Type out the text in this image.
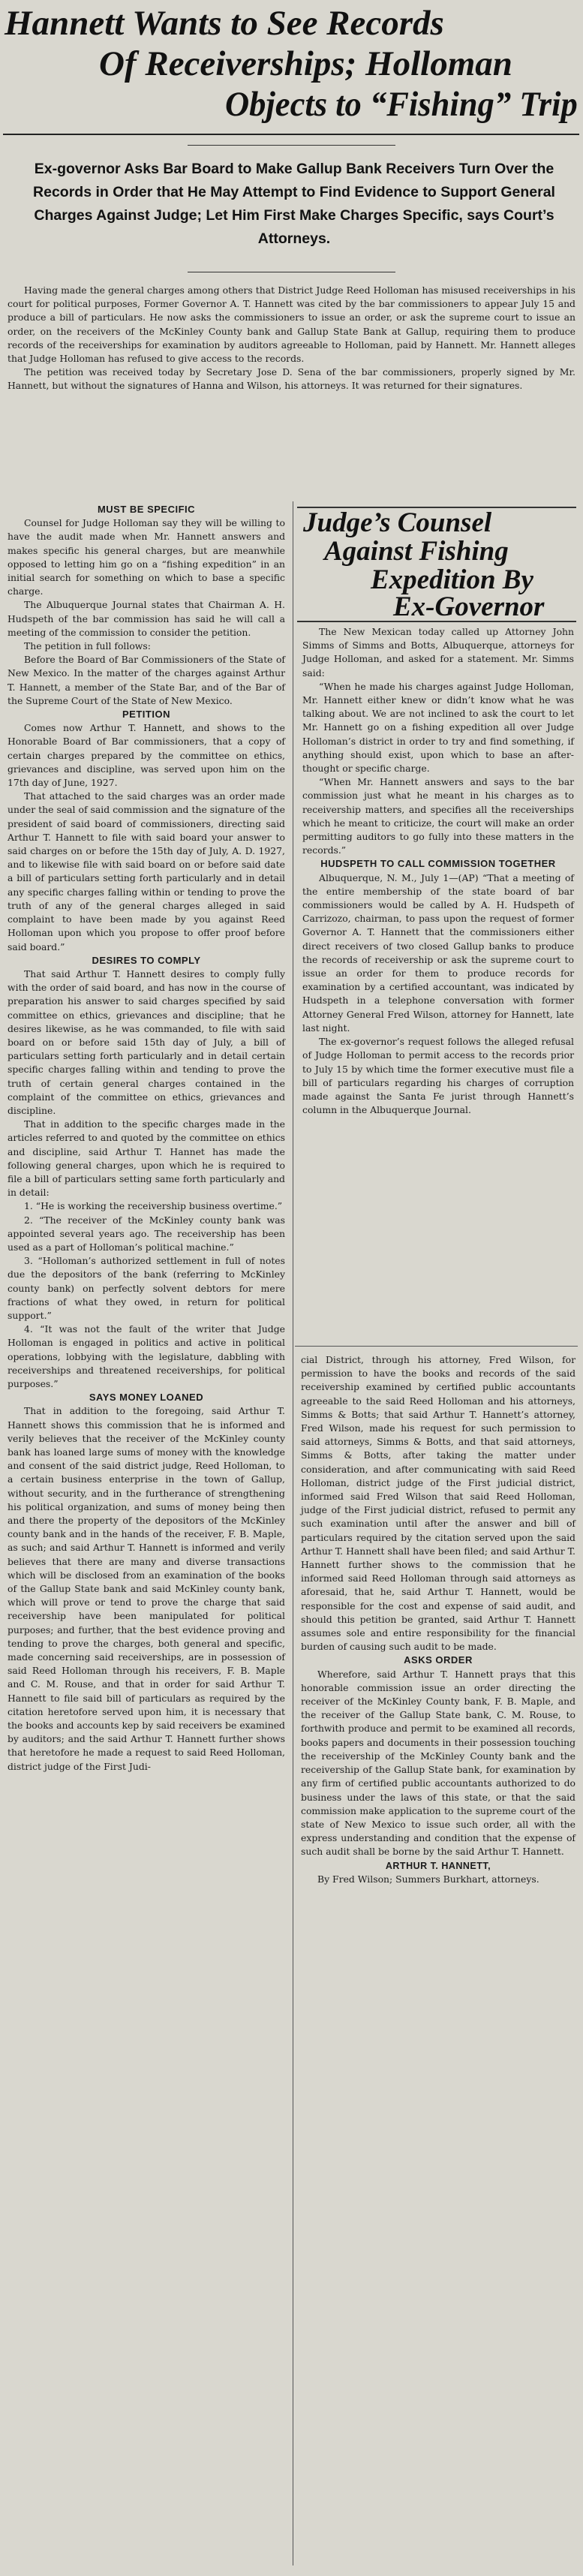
Hannett Wants to See Records
Of Receiverships; Holloman
Objects to “Fishing” Trip
Ex-governor Asks Bar Board to Make Gallup Bank Receivers Turn Over the Records in Order that He May Attempt to Find Evidence to Support General Charges Against Judge; Let Him First Make Charges Specific, says Court’s Attorneys.

Having made the general charges among others that District Judge Reed Holloman has misused receiverships in his court for political purposes, Former Governor A. T. Hannett was cited by the bar commissioners to appear July 15 and produce a bill of particulars. He now asks the commissioners to issue an order, or ask the supreme court to issue an order, on the receivers of the McKinley County bank and Gallup State Bank at Gallup, requiring them to produce records of the receiverships for examination by auditors agreeable to Holloman, paid by Hannett. Mr. Hannett alleges that Judge Holloman has refused to give access to the records.

The petition was received today by Secretary Jose D. Sena of the bar commissioners, properly signed by Mr. Hannett, but without the signatures of Hanna and Wilson, his attorneys. It was returned for their signatures.

MUST BE SPECIFIC

Counsel for Judge Holloman say they will be willing to have the audit made when Mr. Hannett answers and makes specific his general charges, but are meanwhile opposed to letting him go on a “fishing expedition” in an initial search for something on which to base a specific charge.

The Albuquerque Journal states that Chairman A. H. Hudspeth of the bar commission has said he will call a meeting of the commission to consider the petition.

The petition in full follows:

Before the Board of Bar Commissioners of the State of New Mexico. In the matter of the charges against Arthur T. Hannett, a member of the State Bar, and of the Bar of the Supreme Court of the State of New Mexico.

PETITION

Comes now Arthur T. Hannett, and shows to the Honorable Board of Bar commissioners, that a copy of certain charges prepared by the committee on ethics, grievances and discipline, was served upon him on the 17th day of June, 1927.

That attached to the said charges was an order made under the seal of said commission and the signature of the president of said board of commissioners, directing said Arthur T. Hannett to file with said board your answer to said charges on or before the 15th day of July, A. D. 1927, and to likewise file with said board on or before said date a bill of particulars setting forth particularly and in detail any specific charges falling within or tending to prove the truth of any of the general charges alleged in said complaint to have been made by you against Reed Holloman upon which you propose to offer proof before said board.”

DESIRES TO COMPLY

That said Arthur T. Hannett desires to comply fully with the order of said board, and has now in the course of preparation his answer to said charges specified by said committee on ethics, grievances and discipline; that he desires likewise, as he was commanded, to file with said board on or before said 15th day of July, a bill of particulars setting forth particularly and in detail certain specific charges falling within and tending to prove the truth of certain general charges contained in the complaint of the committee on ethics, grievances and discipline.

That in addition to the specific charges made in the articles referred to and quoted by the committee on ethics and discipline, said Arthur T. Hannet has made the following general charges, upon which he is required to file a bill of particulars setting same forth particularly and in detail:

1. “He is working the receivership business overtime.”

2. “The receiver of the McKinley county bank was appointed several years ago. The receivership has been used as a part of Holloman’s political machine.”

3. “Holloman’s authorized settlement in full of notes due the depositors of the bank (referring to McKinley county bank) on perfectly solvent debtors for mere fractions of what they owed, in return for political support.”

4. “It was not the fault of the writer that Judge Holloman is engaged in politics and active in political operations, lobbying with the legislature, dabbling with receiverships and threatened receiverships, for political purposes.”

SAYS MONEY LOANED

That in addition to the foregoing, said Arthur T. Hannett shows this commission that he is informed and verily believes that the receiver of the McKinley county bank has loaned large sums of money with the knowledge and consent of the said district judge, Reed Holloman, to a certain business enterprise in the town of Gallup, without security, and in the furtherance of strengthening his political organization, and sums of money being then and there the property of the depositors of the McKinley county bank and in the hands of the receiver, F. B. Maple, as such; and said Arthur T. Hannett is informed and verily believes that there are many and diverse transactions which will be disclosed from an examination of the books of the Gallup State bank and said McKinley county bank, which will prove or tend to prove the charge that said receivership have been manipulated for political purposes; and further, that the best evidence proving and tending to prove the charges, both general and specific, made concerning said receiverships, are in possession of said Reed Holloman through his receivers, F. B. Maple and C. M. Rouse, and that in order for said Arthur T. Hannett to file said bill of particulars as required by the citation heretofore served upon him, it is necessary that the books and accounts kep by said receivers be examined by auditors; and the said Arthur T. Hannett further shows that heretofore he made a request to said Reed Holloman, district judge of the First Judi-

Judge’s Counsel
Against Fishing
Expedition By
Ex-Governor

The New Mexican today called up Attorney John Simms of Simms and Botts, Albuquerque, attorneys for Judge Holloman, and asked for a statement. Mr. Simms said:

“When he made his charges against Judge Holloman, Mr. Hannett either knew or didn’t know what he was talking about. We are not inclined to ask the court to let Mr. Hannett go on a fishing expedition all over Judge Holloman’s district in order to try and find something, if anything should exist, upon which to base an after-thought or specific charge.

“When Mr. Hannett answers and says to the bar commission just what he meant in his charges as to receivership matters, and specifies all the receiverships which he meant to criticize, the court will make an order permitting auditors to go fully into these matters in the records.”

HUDSPETH TO CALL COMMISSION TOGETHER

Albuquerque, N. M., July 1—(AP) “That a meeting of the entire membership of the state board of bar commissioners would be called by A. H. Hudspeth of Carrizozo, chairman, to pass upon the request of former Governor A. T. Hannett that the commissioners either direct receivers of two closed Gallup banks to produce the records of receivership or ask the supreme court to issue an order for them to produce records for examination by a certified accountant, was indicated by Hudspeth in a telephone conversation with former Attorney General Fred Wilson, attorney for Hannett, late last night.

The ex-governor’s request follows the alleged refusal of Judge Holloman to permit access to the records prior to July 15 by which time the former executive must file a bill of particulars regarding his charges of corruption made against the Santa Fe jurist through Hannett’s column in the Albuquerque Journal.

cial District, through his attorney, Fred Wilson, for permission to have the books and records of the said receivership examined by certified public accountants agreeable to the said Reed Holloman and his attorneys, Simms & Botts; that said Arthur T. Hannett’s attorney, Fred Wilson, made his request for such permission to said attorneys, Simms & Botts, and that said attorneys, Simms & Botts, after taking the matter under consideration, and after communicating with said Reed Holloman, district judge of the First judicial district, informed said Fred Wilson that said Reed Holloman, judge of the First judicial district, refused to permit any such examination until after the answer and bill of particulars required by the citation served upon the said Arthur T. Hannett shall have been filed; and said Arthur T. Hannett further shows to the commission that he informed said Reed Holloman through said attorneys as aforesaid, that he, said Arthur T. Hannett, would be responsible for the cost and expense of said audit, and should this petition be granted, said Arthur T. Hannett assumes sole and entire responsibility for the financial burden of causing such audit to be made.

ASKS ORDER

Wherefore, said Arthur T. Hannett prays that this honorable commission issue an order directing the receiver of the McKinley County bank, F. B. Maple, and the receiver of the Gallup State bank, C. M. Rouse, to forthwith produce and permit to be examined all records, books papers and documents in their possession touching the receivership of the McKinley County bank and the receivership of the Gallup State bank, for examination by any firm of certified public accountants authorized to do business under the laws of this state, or that the said commission make application to the supreme court of the state of New Mexico to issue such order, all with the express understanding and condition that the expense of such audit shall be borne by the said Arthur T. Hannett.

ARTHUR T. HANNETT,

By Fred Wilson; Summers Burkhart, attorneys.
